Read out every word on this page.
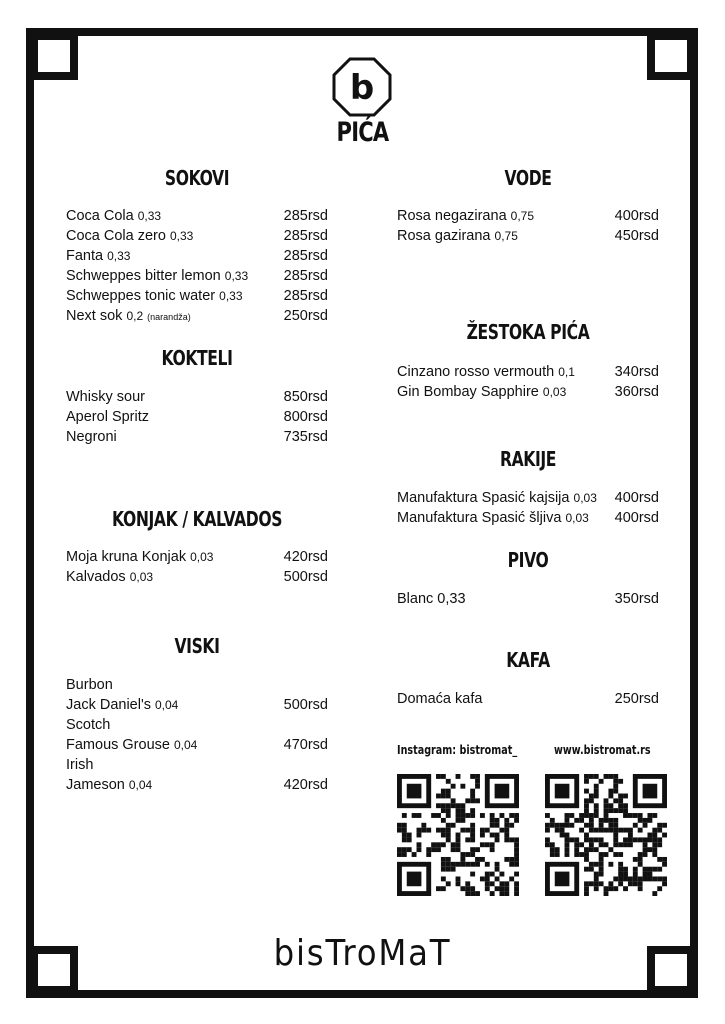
b
PIĆA
SOKOVI
KOKTELI
KONJAK / KALVADOS
VISKI
VODE
ŽESTOKA PIĆA
RAKIJE
PIVO
KAFA
Coca Cola 0,33	285rsd
Coca Cola zero 0,33	285rsd
Fanta 0,33	285rsd
Schweppes bitter lemon 0,33	285rsd
Schweppes tonic water 0,33	285rsd
Next sok 0,2 (narandža)	250rsd
Whisky sour	850rsd
Aperol Spritz	800rsd
Negroni	735rsd
Moja kruna Konjak 0,03	420rsd
Kalvados 0,03	500rsd
Jack Daniel's 0,04	500rsd
Famous Grouse 0,04	470rsd
Jameson 0,04	420rsd
Rosa negazirana 0,75	400rsd
Rosa gazirana 0,75	450rsd
Cinzano rosso vermouth 0,1	340rsd
Gin Bombay Sapphire 0,03	360rsd
Manufaktura Spasić kajsija 0,03	400rsd
Manufaktura Spasić šljiva 0,03	400rsd
Blanc 0,33	350rsd
Domaća kafa	250rsd
Burbon
Scotch
Irish
Instagram: bistromat_	www.bistromat.rs
bisTroMaT
